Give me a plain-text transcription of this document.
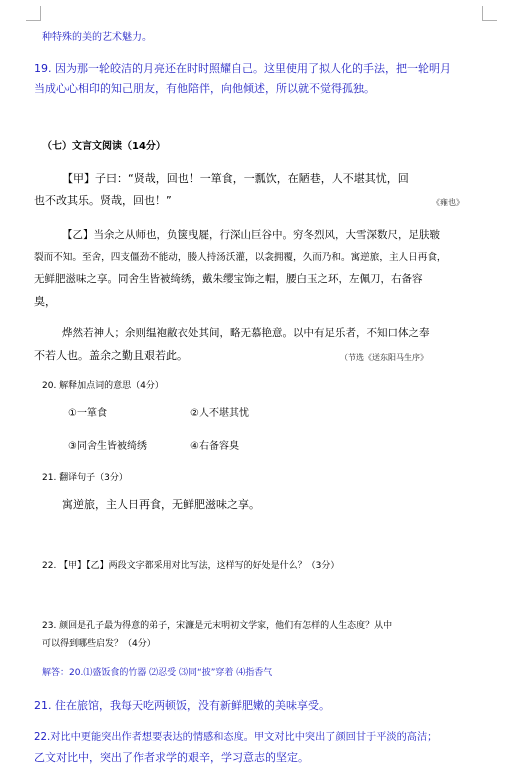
种特殊的美的艺术魅力。
19. 因为那一轮皎洁的月亮还在时时照耀自己。这里使用了拟人化的手法，把一轮明月
当成心心相印的知己朋友，有他陪伴，向他倾述，所以就不觉得孤独。
（七）文言文阅读（14分）
【甲】子曰：“贤哉，回也！一箪食，一瓢饮，在陋巷，人不堪其忧，回
也不改其乐。贤哉，回也！”	《雍也》
【乙】当余之从师也，负箧曳屣，行深山巨谷中。穷冬烈风，大雪深数尺，足肤皲
裂而不知。至舍，四支僵劲不能动，媵人持汤沃灌，以衾拥覆，久而乃和。寓逆旅，主人日再食，
无鲜肥滋味之享。同舍生皆被绮绣，戴朱缨宝饰之帽，腰白玉之环，左佩刀，右备容
臭，
烨然若神人；余则缊袍敝衣处其间，略无慕艳意。以中有足乐者，不知口体之奉
不若人也。盖余之勤且艰若此。	（节选《送东阳马生序》
20. 解释加点词的意思（4分）
①一箪食	②人不堪其忧
③同舍生皆被绮绣	④右备容臭
21. 翻译句子（3分）
寓逆旅，主人日再食，无鲜肥滋味之享。
22. 【甲】【乙】两段文字都采用对比写法，这样写的好处是什么？（3分）
23. 颜回是孔子最为得意的弟子，宋濂是元末明初文学家，他们有怎样的人生态度？从中
可以得到哪些启发？（4分）
解答：20.⑴盛饭食的竹器 ⑵忍受 ⑶同“披”穿着 ⑷指香气
21. 住在旅馆，我每天吃两顿饭，没有新鲜肥嫩的美味享受。
22.对比中更能突出作者想要表达的情感和态度。甲文对比中突出了颜回甘于平淡的高洁；
乙文对比中，突出了作者求学的艰辛，学习意志的坚定。
